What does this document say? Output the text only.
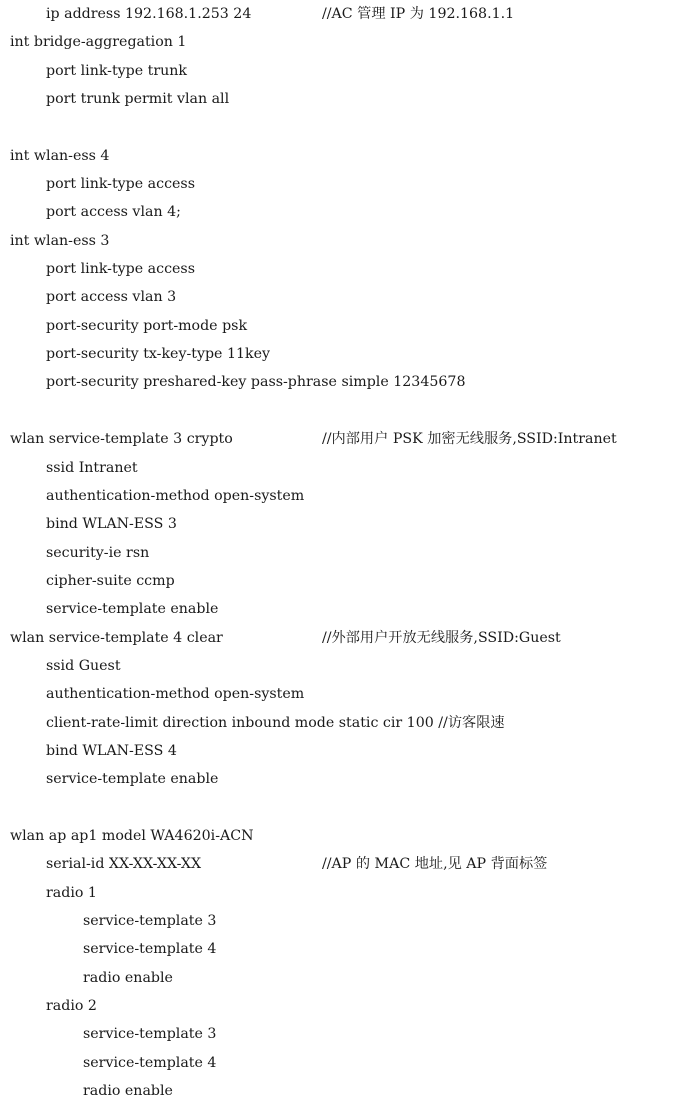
ip address 192.168.1.253 24	//AC 管理 IP 为 192.168.1.1
int bridge-aggregation 1
port link-type trunk
port trunk permit vlan all
int wlan-ess 4
port link-type access
port access vlan 4;
int wlan-ess 3
port link-type access
port access vlan 3
port-security port-mode psk
port-security tx-key-type 11key
port-security preshared-key pass-phrase simple 12345678
wlan service-template 3 crypto	//内部用户 PSK 加密无线服务,SSID:Intranet
ssid Intranet
authentication-method open-system
bind WLAN-ESS 3
security-ie rsn
cipher-suite ccmp
service-template enable
wlan service-template 4 clear	//外部用户开放无线服务,SSID:Guest
ssid Guest
authentication-method open-system
client-rate-limit direction inbound mode static cir 100 //访客限速
bind WLAN-ESS 4
service-template enable
wlan ap ap1 model WA4620i-ACN
serial-id XX-XX-XX-XX	//AP 的 MAC 地址,见 AP 背面标签
radio 1
service-template 3
service-template 4
radio enable
radio 2
service-template 3
service-template 4
radio enable
